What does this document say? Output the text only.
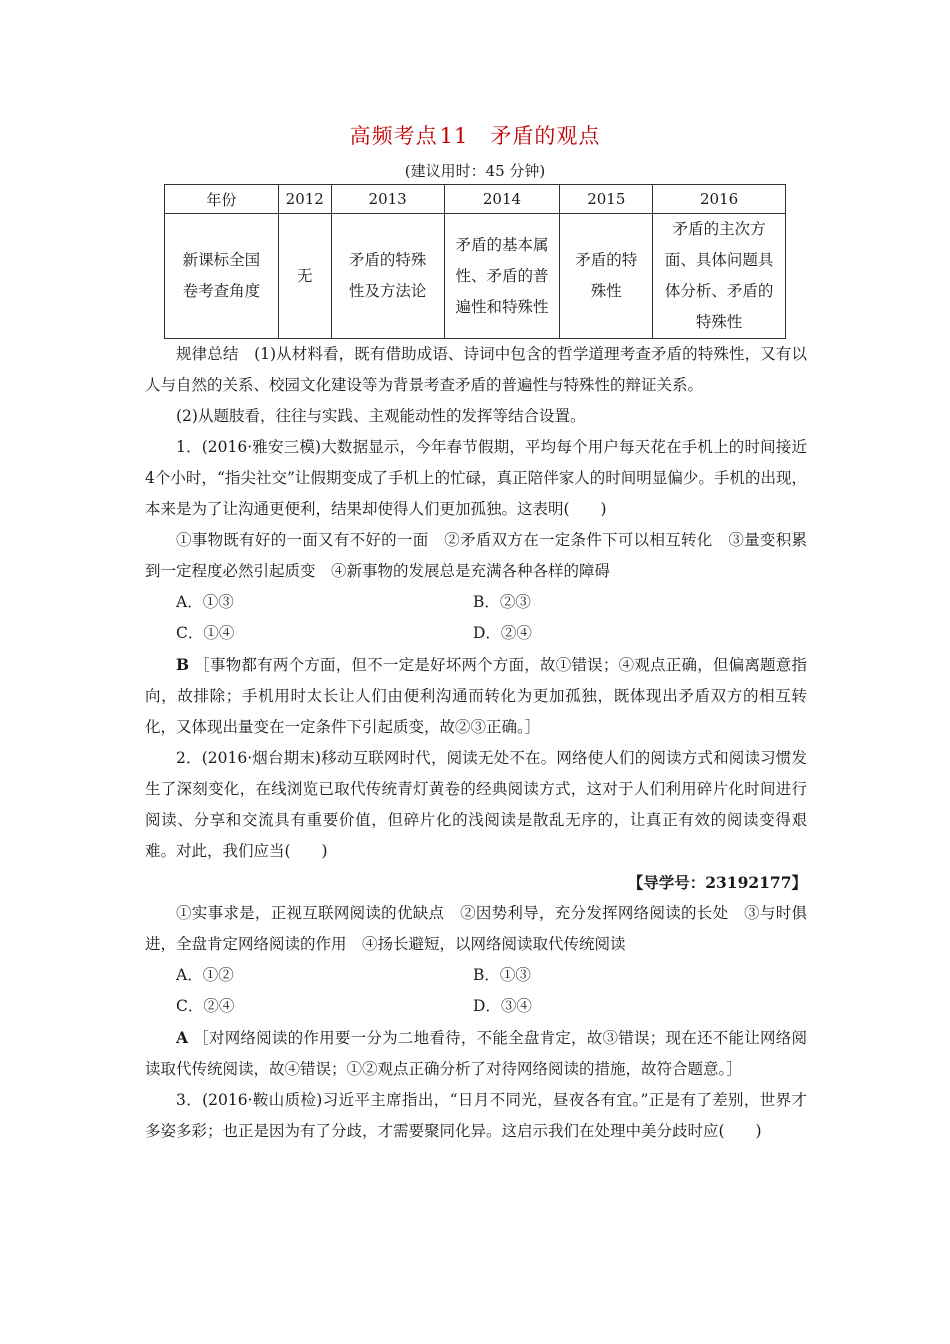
高频考点11 矛盾的观点
(建议用时：45 分钟)
年份	2012	2013	2014	2015	2016
新课标全国卷考查角度	无	矛盾的特殊性及方法论	矛盾的基本属性、矛盾的普遍性和特殊性	矛盾的特殊性	矛盾的主次方面、具体问题具体分析、矛盾的特殊性

规律总结　(1)从材料看，既有借助成语、诗词中包含的哲学道理考查矛盾的特殊性，又有以人与自然的关系、校园文化建设等为背景考查矛盾的普遍性与特殊性的辩证关系。

(2)从题肢看，往往与实践、主观能动性的发挥等结合设置。

1．(2016·雅安三模)大数据显示，今年春节假期，平均每个用户每天花在手机上的时间接近4个小时，“指尖社交”让假期变成了手机上的忙碌，真正陪伴家人的时间明显偏少。手机的出现，本来是为了让沟通更便利，结果却使得人们更加孤独。这表明(　　)

①事物既有好的一面又有不好的一面　②矛盾双方在一定条件下可以相互转化　③量变积累到一定程度必然引起质变　④新事物的发展总是充满各种各样的障碍

A．①③	B．②③
C．①④	D．②④

B ［事物都有两个方面，但不一定是好坏两个方面，故①错误；④观点正确，但偏离题意指向，故排除；手机用时太长让人们由便利沟通而转化为更加孤独，既体现出矛盾双方的相互转化，又体现出量变在一定条件下引起质变，故②③正确。］

2．(2016·烟台期末)移动互联网时代，阅读无处不在。网络使人们的阅读方式和阅读习惯发生了深刻变化，在线浏览已取代传统青灯黄卷的经典阅读方式，这对于人们利用碎片化时间进行阅读、分享和交流具有重要价值，但碎片化的浅阅读是散乱无序的，让真正有效的阅读变得艰难。对此，我们应当(　　)

【导学号：23192177】

①实事求是，正视互联网阅读的优缺点　②因势利导，充分发挥网络阅读的长处　③与时俱进，全盘肯定网络阅读的作用　④扬长避短，以网络阅读取代传统阅读

A．①②	B．①③
C．②④	D．③④

A ［对网络阅读的作用要一分为二地看待，不能全盘肯定，故③错误；现在还不能让网络阅读取代传统阅读，故④错误；①②观点正确分析了对待网络阅读的措施，故符合题意。］

3．(2016·鞍山质检)习近平主席指出，“日月不同光，昼夜各有宜。”正是有了差别，世界才多姿多彩；也正是因为有了分歧，才需要聚同化异。这启示我们在处理中美分歧时应(　　)
